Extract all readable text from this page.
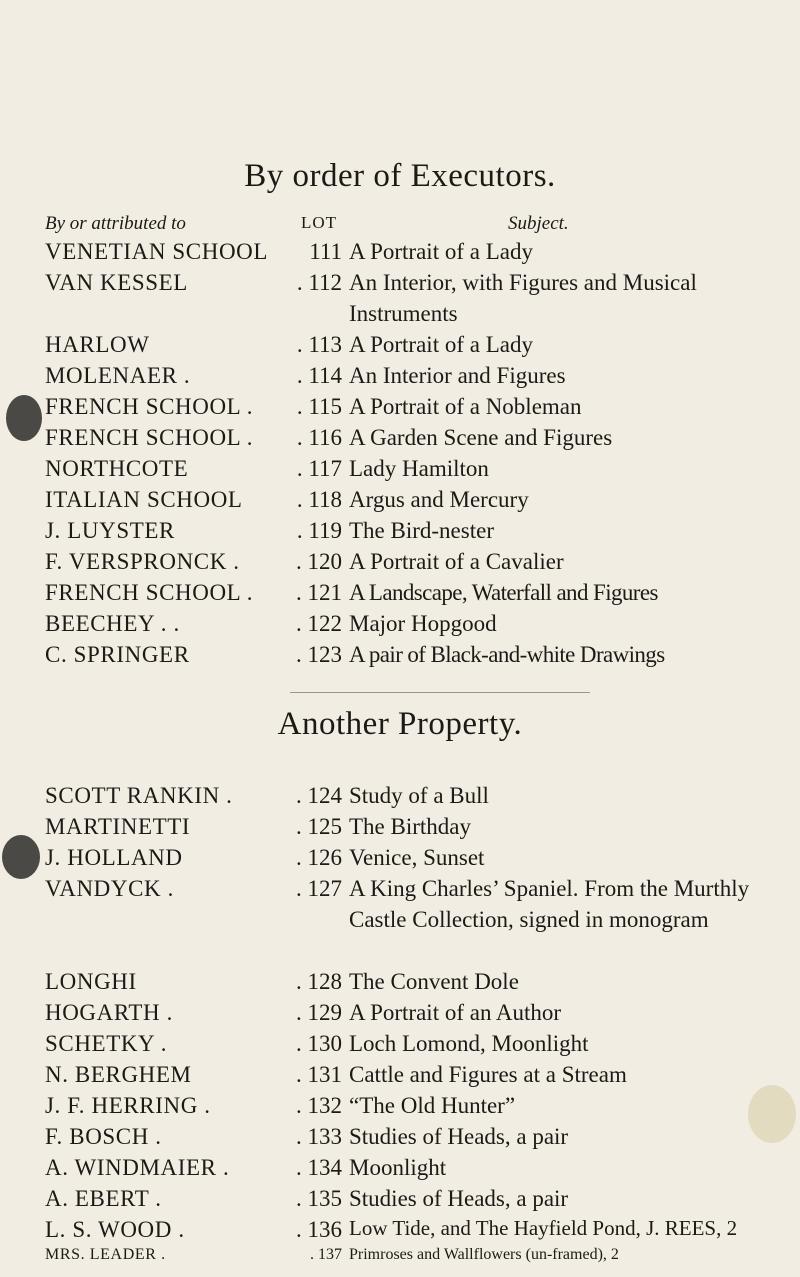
By order of Executors.
By or attributed to	LOT	Subject.
VENETIAN SCHOOL	111 A Portrait of a Lady
VAN KESSEL	. 112 An Interior, with Figures and Musical Instruments
HARLOW	. 113 A Portrait of a Lady
MOLENAER .	. 114 An Interior and Figures
FRENCH SCHOOL .	. 115 A Portrait of a Nobleman
FRENCH SCHOOL .	. 116 A Garden Scene and Figures
NORTHCOTE	. 117 Lady Hamilton
ITALIAN SCHOOL	. 118 Argus and Mercury
J. LUYSTER	. 119 The Bird-nester
F. VERSPRONCK .	. 120 A Portrait of a Cavalier
FRENCH SCHOOL .	. 121 A Landscape, Waterfall and Figures
BEECHEY . .	. 122 Major Hopgood
C. SPRINGER	. 123 A pair of Black-and-white Drawings
Another Property.
SCOTT RANKIN .	. 124 Study of a Bull
MARTINETTI	. 125 The Birthday
J. HOLLAND	. 126 Venice, Sunset
VANDYCK .	. 127 A King Charles’ Spaniel. From the Murthly Castle Collection, signed in monogram
LONGHI	. 128 The Convent Dole
HOGARTH .	. 129 A Portrait of an Author
SCHETKY .	. 130 Loch Lomond, Moonlight
N. BERGHEM	. 131 Cattle and Figures at a Stream
J. F. HERRING .	. 132 “The Old Hunter”
F. BOSCH .	. 133 Studies of Heads, a pair
A. WINDMAIER .	. 134 Moonlight
A. EBERT .	. 135 Studies of Heads, a pair
L. S. WOOD .	. 136 Low Tide, and The Hayfield Pond, J. REES, 2
MRS. LEADER .	. 137 Primroses and Wallflowers (un-framed), 2
